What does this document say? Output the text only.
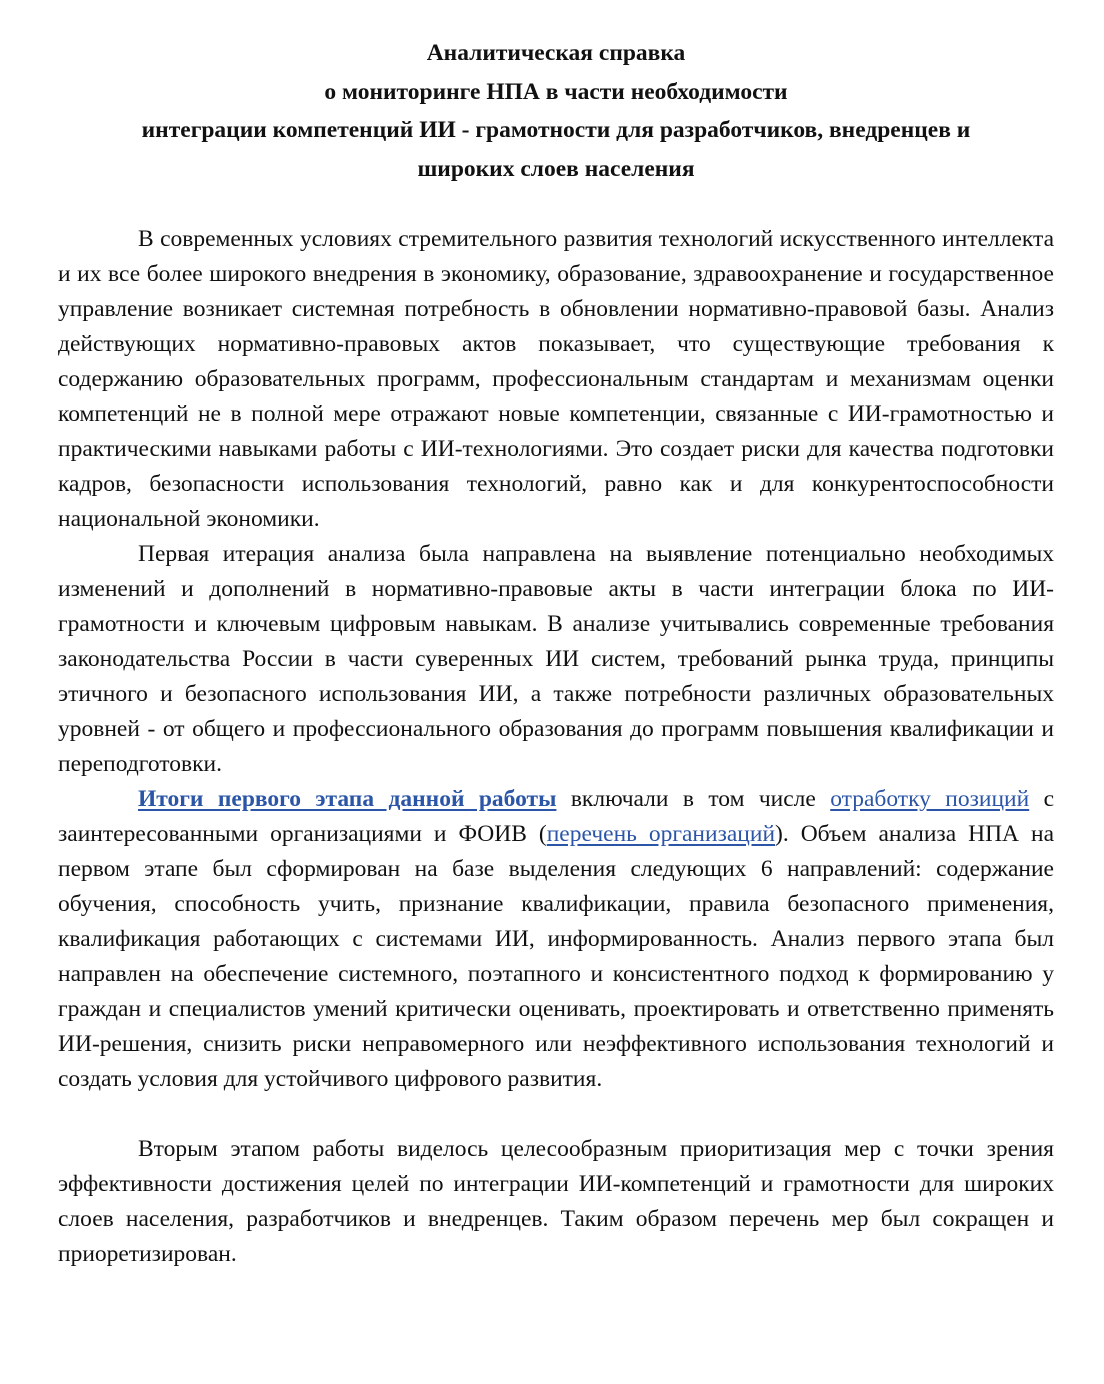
Аналитическая справка
о мониторинге НПА в части необходимости
интеграции компетенций ИИ - грамотности для разработчиков, внедренцев и
широких слоев населения

В современных условиях стремительного развития технологий искусственного интеллекта и их все более широкого внедрения в экономику, образование, здравоохранение и государственное управление возникает системная потребность в обновлении нормативно-правовой базы. Анализ действующих нормативно-правовых актов показывает, что существующие требования к содержанию образовательных программ, профессиональным стандартам и механизмам оценки компетенций не в полной мере отражают новые компетенции, связанные с ИИ-грамотностью и практическими навыками работы с ИИ-технологиями. Это создает риски для качества подготовки кадров, безопасности использования технологий, равно как и для конкурентоспособности национальной экономики.

Первая итерация анализа была направлена на выявление потенциально необходимых изменений и дополнений в нормативно-правовые акты в части интеграции блока по ИИ-грамотности и ключевым цифровым навыкам. В анализе учитывались современные требования законодательства России в части суверенных ИИ систем, требований рынка труда, принципы этичного и безопасного использования ИИ, а также потребности различных образовательных уровней - от общего и профессионального образования до программ повышения квалификации и переподготовки.

Итоги первого этапа данной работы включали в том числе отработку позиций с заинтересованными организациями и ФОИВ (перечень организаций). Объем анализа НПА на первом этапе был сформирован на базе выделения следующих 6 направлений: содержание обучения, способность учить, признание квалификации, правила безопасного применения, квалификация работающих с системами ИИ, информированность. Анализ первого этапа был направлен на обеспечение системного, поэтапного и консистентного подход к формированию у граждан и специалистов умений критически оценивать, проектировать и ответственно применять ИИ-решения, снизить риски неправомерного или неэффективного использования технологий и создать условия для устойчивого цифрового развития.

Вторым этапом работы виделось целесообразным приоритизация мер с точки зрения эффективности достижения целей по интеграции ИИ-компетенций и грамотности для широких слоев населения, разработчиков и внедренцев. Таким образом перечень мер был сокращен и приоретизирован.
